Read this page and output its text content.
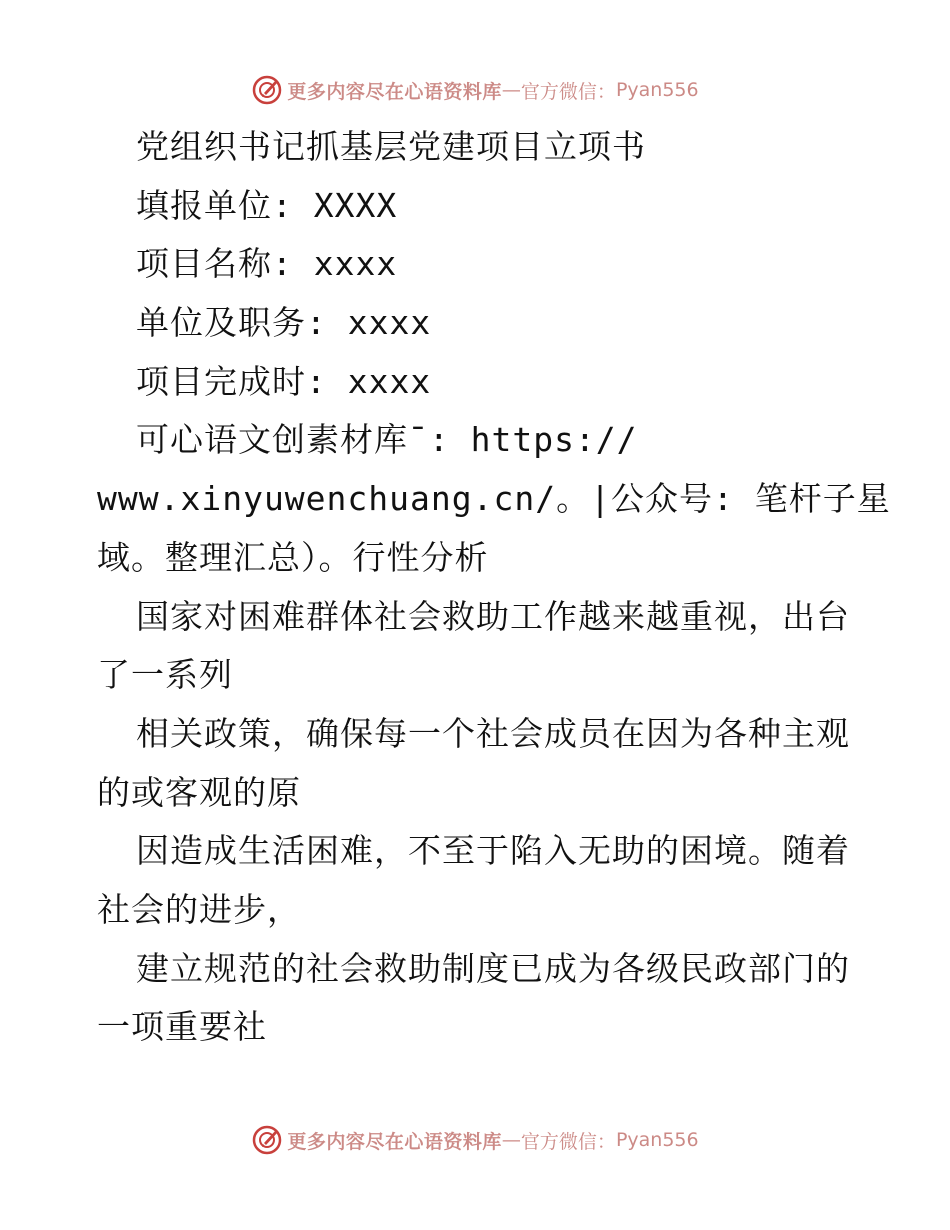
更多内容尽在心语资料库 — 官方微信： Pyan556
党组织书记抓基层党建项目立项书
填报单位: XXXX
项目名称: xxxx
单位及职务: xxxx
项目完成时: xxxx
可心语文创素材库¯: https://
www.xinyuwenchuang.cn/。|公众号: 笔杆子星
域。整理汇总）。行性分析
国家对困难群体社会救助工作越来越重视，出台
了一系列
相关政策，确保每一个社会成员在因为各种主观
的或客观的原
因造成生活困难，不至于陷入无助的困境。随着
社会的进步，
建立规范的社会救助制度已成为各级民政部门的
一项重要社
更多内容尽在心语资料库 — 官方微信： Pyan556
